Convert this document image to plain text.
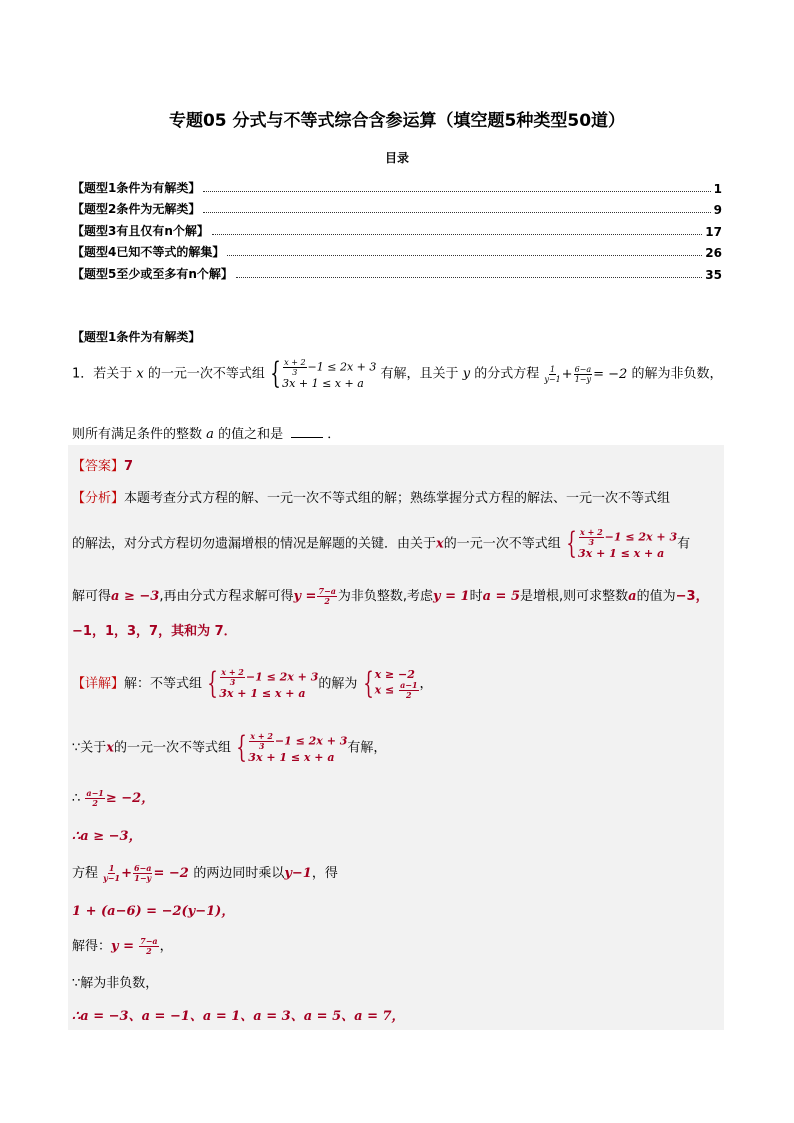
专题05 分式与不等式综合含参运算（填空题5种类型50道）
目录
【题型1条件为有解类】	1
【题型2条件为无解类】	9
【题型3有且仅有n个解】	17
【题型4已知不等式的解集】	26
【题型5至少或至多有n个解】	35
【题型1条件为有解类】
1．若关于 x 的一元一次不等式组 { $\frac{x + 2}{3} -1 \le 2x + 3$
3x + 1 ≤ x + a
有解，且关于 y 的分式方程 $\frac{1}{y-1} + \frac{6-a}{1-y} = -2$ 的解为非负数，
则所有满足条件的整数 a 的值之和是	．
【答案】7
【分析】本题考查分式方程的解、一元一次不等式组的解；熟练掌握分式方程的解法、一元一次不等式组
的解法，对分式方程切勿遗漏增根的情况是解题的关键．由关于x的一元一次不等式组 { $\frac{x + 2}{3} -1 \le 2x + 3$
3x + 1 ≤ x + a
有
解可得a ≥ −3,再由分式方程求解可得$y = \frac{7-a}{2}$ 为非负整数,考虑y = 1时a = 5是增根,则可求整数a的值为−3，
−1，1，3，7，其和为 7．
【详解】解：不等式组 { $\frac{x + 2}{3} -1 \le 2x + 3$
3x + 1 ≤ x + a
的解为 { x ≥ −2
$x \le \frac{a-1}{2}$ ，
∵关于x的一元一次不等式组 { $\frac{x + 2}{3} -1 \le 2x + 3$
3x + 1 ≤ x + a
有解，
∴ $\frac{a-1}{2} \ge -2$，
∴a ≥ −3，
方程 $\frac{1}{y-1} + \frac{6-a}{1-y} = -2$ 的两边同时乘以y−1，得
1 + (a−6) = −2(y−1)，
解得：$y = \frac{7-a}{2}$ ，
∵解为非负数，
∴a = −3、a = −1、a = 1、a = 3、a = 5、a = 7，
